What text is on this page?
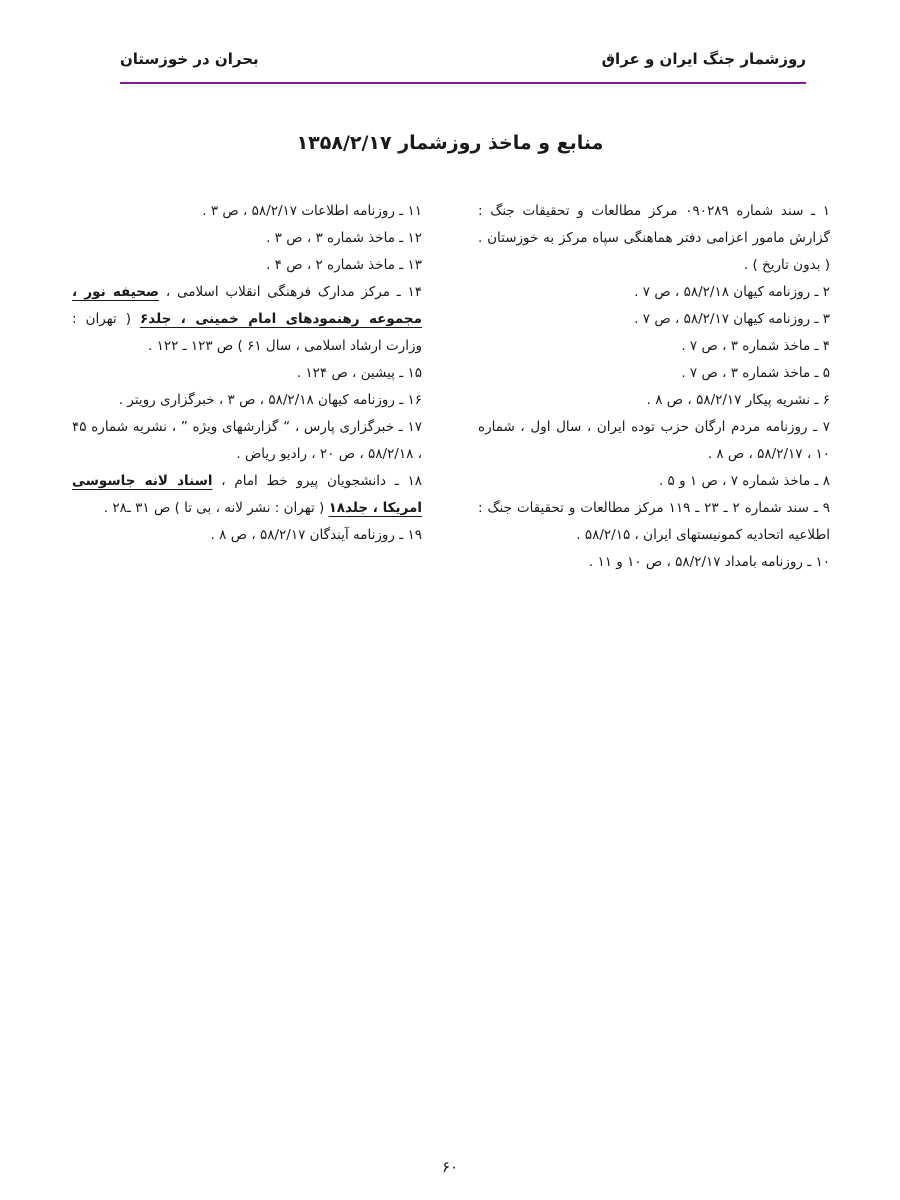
روزشمار جنگ ایران و عراق
بحران در خوزستان
منابع و ماخذ روزشمار ۱۳۵۸/۲/۱۷

۱ ـ سند شماره ۰۹۰۲۸۹ مرکز مطالعات و تحقیقات جنگ : گزارش مامور اعزامی دفتر هماهنگی سپاه مرکز به خوزستان . ( بدون تاریخ ) .

۲ ـ روزنامه کیهان ۵۸/۲/۱۸ ، ص ۷ .

۳ ـ روزنامه کیهان ۵۸/۲/۱۷ ، ص ۷ .

۴ ـ ماخذ شماره ۳ ، ص ۷ .

۵ ـ ماخذ شماره ۳ ، ص ۷ .

۶ ـ نشریه پیکار ۵۸/۲/۱۷ ، ص ۸ .

۷ ـ روزنامه مردم ارگان حزب توده ایران ، سال اول ، شماره ۱۰ ، ۵۸/۲/۱۷ ، ص ۸ .

۸ ـ ماخذ شماره ۷ ، ص ۱ و ۵ .

۹ ـ سند شماره ۲ ـ ۲۳ ـ ۱۱۹ مرکز مطالعات و تحقیقات جنگ : اطلاعیه اتحادیه کمونیستهای ایران ، ۵۸/۲/۱۵ .

۱۰ ـ روزنامه بامداد ۵۸/۲/۱۷ ، ص ۱۰ و ۱۱ .

۱۱ ـ روزنامه اطلاعات ۵۸/۲/۱۷ ، ص ۳ .

۱۲ ـ ماخذ شماره ۳ ، ص ۳ .

۱۳ ـ ماخذ شماره ۲ ، ص ۴ .

۱۴ ـ مرکز مدارک فرهنگی انقلاب اسلامی ، صحیفه نور ، مجموعه رهنمودهای امام خمینی ، جلد۶ ( تهران : وزارت ارشاد اسلامی ، سال ۶۱ ) ص ۱۲۳ ـ ۱۲۲ .

۱۵ ـ پیشین ، ص ۱۲۴ .

۱۶ ـ روزنامه کیهان ۵۸/۲/۱۸ ، ص ۳ ، خبرگزاری رویتر .

۱۷ ـ خبرگزاری پارس ، “ گزارشهای ویژه ” ، نشریه شماره ۴۵ ، ۵۸/۲/۱۸ ، ص ۲۰ ، رادیو ریاض .

۱۸ ـ دانشجویان پیرو خط امام ، اسناد لانه جاسوسی امریکا ، جلد۱۸ ( تهران : نشر لانه ، بی تا ) ص ۳۱ ـ۲۸ .

۱۹ ـ روزنامه آیندگان ۵۸/۲/۱۷ ، ص ۸ .

۶۰
